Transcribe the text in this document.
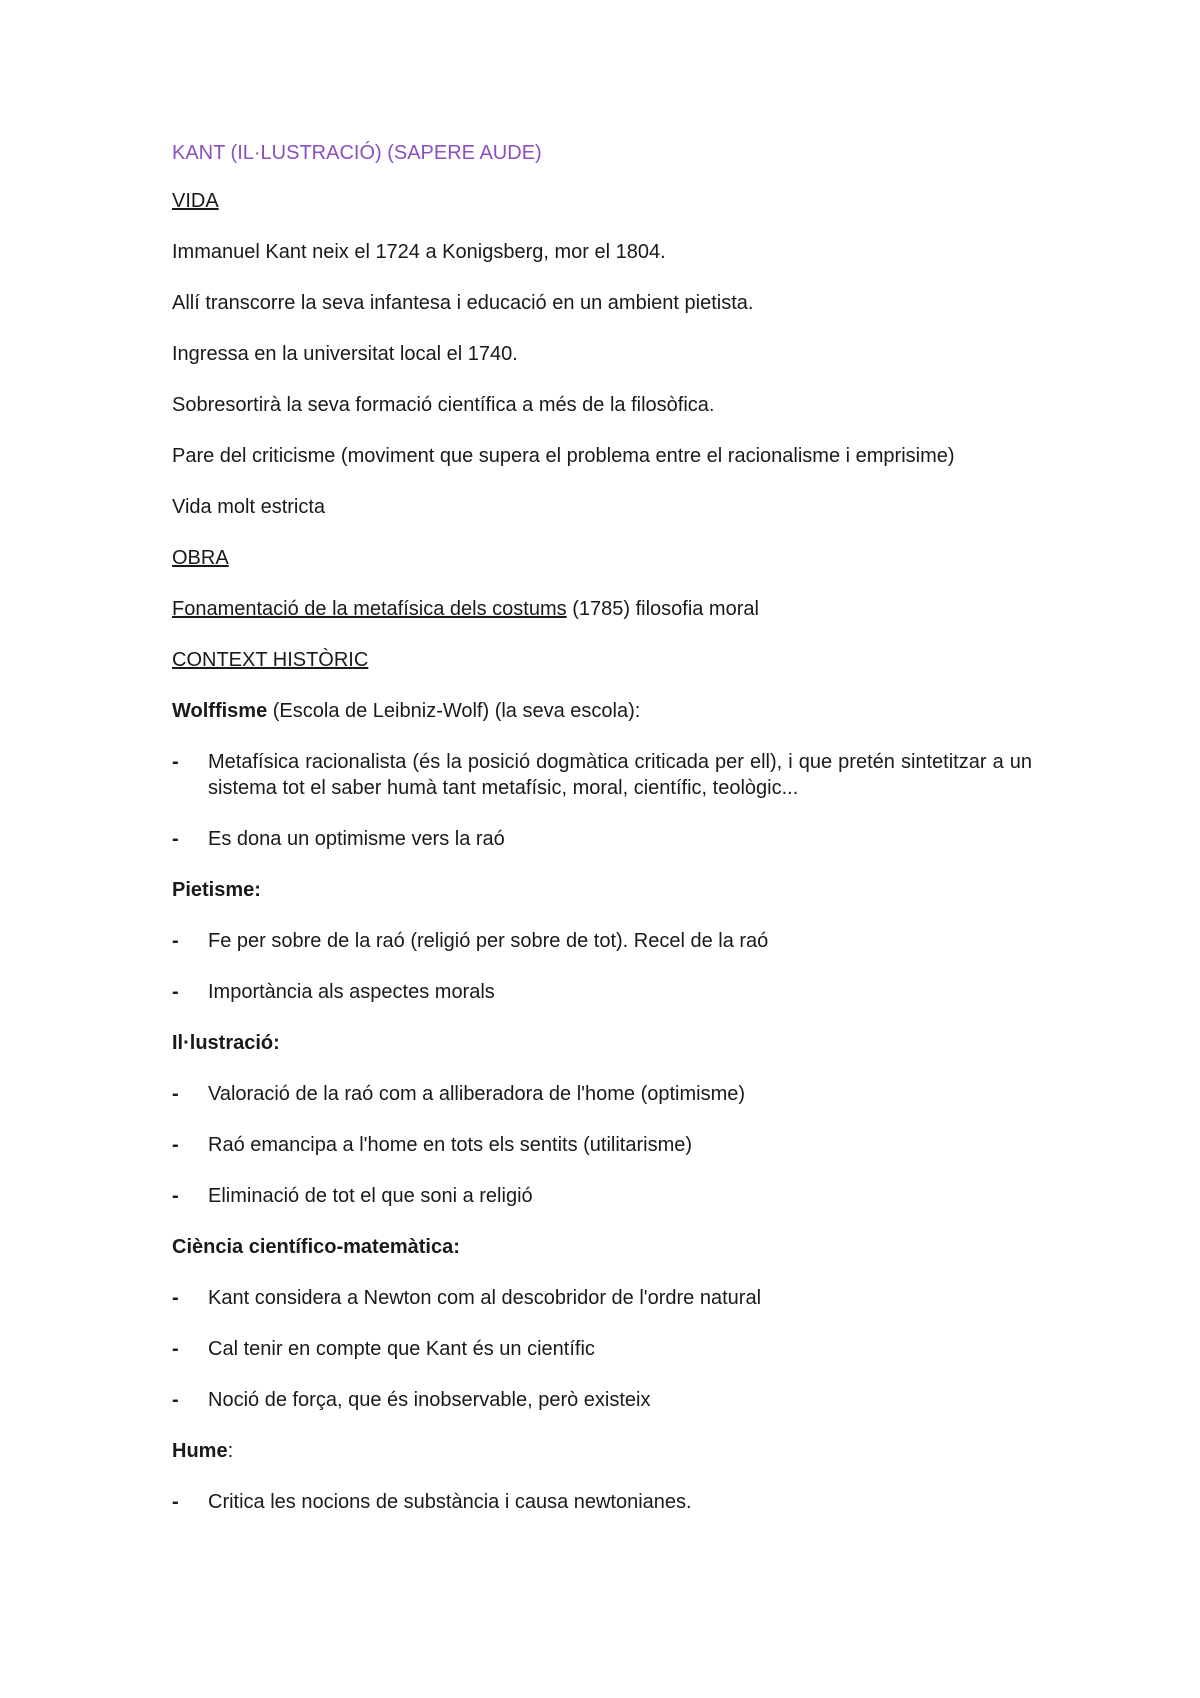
KANT (IL·LUSTRACIÓ) (SAPERE AUDE)
VIDA

Immanuel Kant neix el 1724 a Konigsberg, mor el 1804.

Allí transcorre la seva infantesa i educació en un ambient pietista.

Ingressa en la universitat local el 1740.

Sobresortirà la seva formació científica a més de la filosòfica.

Pare del criticisme (moviment que supera el problema entre el racionalisme i emprisime)

Vida molt estricta

OBRA

Fonamentació de la metafísica dels costums (1785) filosofia moral

CONTEXT HISTÒRIC

Wolffisme (Escola de Leibniz-Wolf) (la seva escola):

- Metafísica racionalista (és la posició dogmàtica criticada per ell), i que pretén sintetitzar a un sistema tot el saber humà tant metafísic, moral, científic, teològic...
- Es dona un optimisme vers la raó
Pietisme:
- Fe per sobre de la raó (religió per sobre de tot). Recel de la raó
- Importància als aspectes morals
Il·lustració:
- Valoració de la raó com a alliberadora de l'home (optimisme)
- Raó emancipa a l'home en tots els sentits (utilitarisme)
- Eliminació de tot el que soni a religió
Ciència científico-matemàtica:
- Kant considera a Newton com al descobridor de l'ordre natural
- Cal tenir en compte que Kant és un científic
- Noció de força, que és inobservable, però existeix

Hume:

- Critica les nocions de substància i causa newtonianes.
